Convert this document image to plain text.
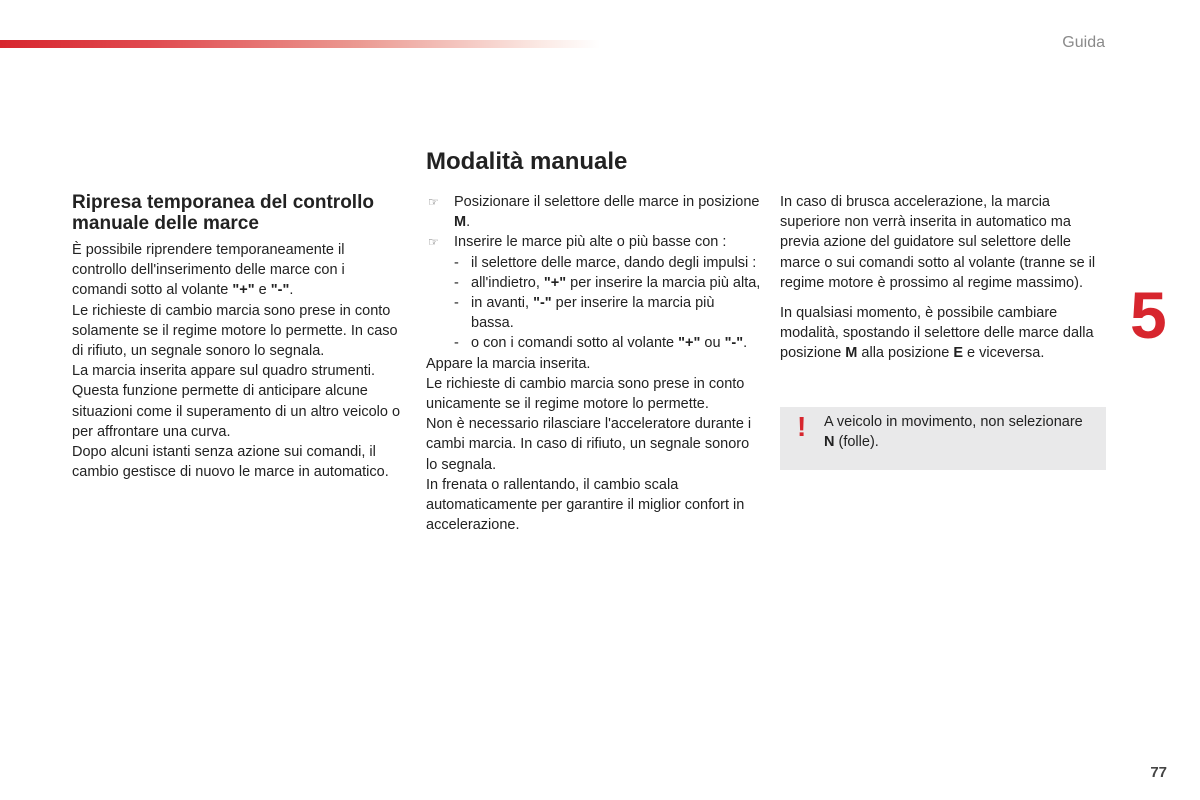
Guida
5
77
Ripresa temporanea del controllo manuale delle marce

È possibile riprendere temporaneamente il controllo dell'inserimento delle marce con i comandi sotto al volante "+" e "-".

Le richieste di cambio marcia sono prese in conto solamente se il regime motore lo permette. In caso di rifiuto, un segnale sonoro lo segnala.

La marcia inserita appare sul quadro strumenti.

Questa funzione permette di anticipare alcune situazioni come il superamento di un altro veicolo o per affrontare una curva.

Dopo alcuni istanti senza azione sui comandi, il cambio gestisce di nuovo le marce in automatico.

Modalità manuale

☞ Posizionare il selettore delle marce in posizione M.

☞ Inserire le marce più alte o più basse con :

- il selettore delle marce, dando degli impulsi :

- all'indietro, "+" per inserire la marcia più alta,

- in avanti, "-" per inserire la marcia più bassa.

- o con i comandi sotto al volante "+" ou "-".

Appare la marcia inserita.

Le richieste di cambio marcia sono prese in conto unicamente se il regime motore lo permette.

Non è necessario rilasciare l'acceleratore durante i cambi marcia. In caso di rifiuto, un segnale sonoro lo segnala.

In frenata o rallentando, il cambio scala automaticamente per garantire il miglior confort in accelerazione.

In caso di brusca accelerazione, la marcia superiore non verrà inserita in automatico ma previa azione del guidatore sul selettore delle marce o sui comandi sotto al volante (tranne se il regime motore è prossimo al regime massimo).

In qualsiasi momento, è possibile cambiare modalità, spostando il selettore delle marce dalla posizione M alla posizione E e viceversa.

! A veicolo in movimento, non selezionare N (folle).
